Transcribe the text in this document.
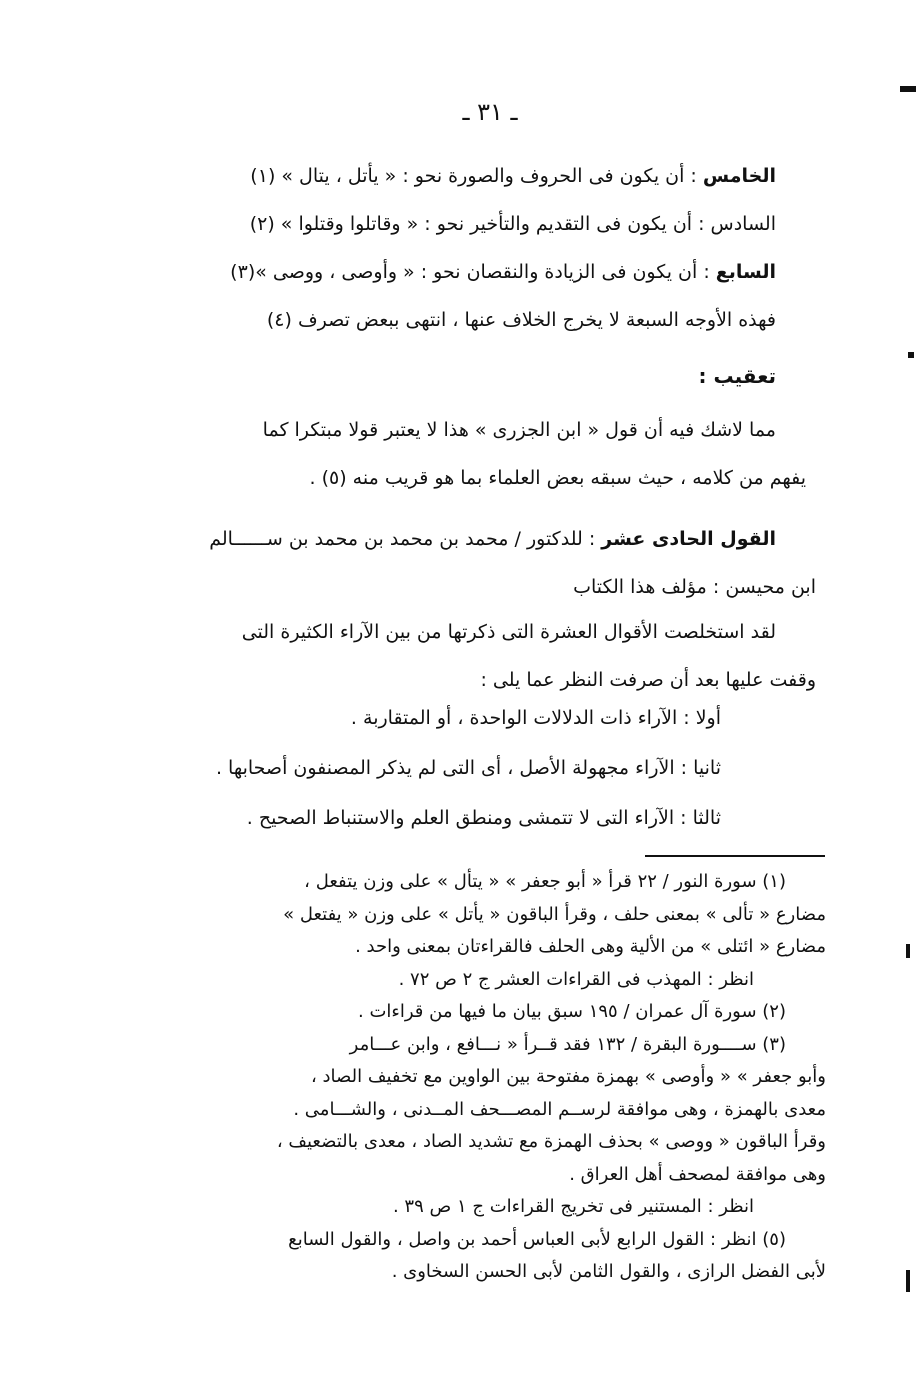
ـ ٣١ ـ
الخامس : أن يكون فى الحروف والصورة نحو : « يأتل ، يتال » (١)
السادس : أن يكون فى التقديم والتأخير نحو : « وقاتلوا وقتلوا » (٢)
السابع : أن يكون فى الزيادة والنقصان نحو : « وأوصى ، ووصى »(٣)
فهذه الأوجه السبعة لا يخرج الخلاف عنها ، انتهى ببعض تصرف (٤)
تعقيب :
مما لاشك فيه أن قول « ابن الجزرى » هذا لا يعتبر قولا مبتكرا كما
يفهم من كلامه ، حيث سبقه بعض العلماء بما هو قريب منه (٥) .
القول الحادى عشر : للدكتور / محمد بن محمد بن محمد بن ســــــالم
ابن محيسن : مؤلف هذا الكتاب
لقد استخلصت الأقوال العشرة التى ذكرتها من بين الآراء الكثيرة التى
وقفت عليها بعد أن صرفت النظر عما يلى :
أولا : الآراء ذات الدلالات الواحدة ، أو المتقاربة .
ثانيا : الآراء مجهولة الأصل ، أى التى لم يذكر المصنفون أصحابها .
ثالثا : الآراء التى لا تتمشى ومنطق العلم والاستنباط الصحيح .
(١) سورة النور / ٢٢ قرأ « أبو جعفر » « يتأل » على وزن يتفعل ،
مضارع « تألى » بمعنى حلف ، وقرأ الباقون « يأتل » على وزن « يفتعل »
مضارع « ائتلى » من الألية وهى الحلف فالقراءتان بمعنى واحد .
انظر : المهذب فى القراءات العشر ج ٢ ص ٧٢ .
(٢) سورة آل عمران / ١٩٥ سبق بيان ما فيها من قراءات .
(٣) ســــورة البقرة / ١٣٢ فقد قــرأ « نـــافع ، وابن عـــامر
وأبو جعفر » « وأوصى » بهمزة مفتوحة بين الواوين مع تخفيف الصاد ،
معدى بالهمزة ، وهى موافقة لرســم المصـــحف المــدنى ، والشـــامى .
وقرأ الباقون « ووصى » بحذف الهمزة مع تشديد الصاد ، معدى بالتضعيف ،
وهى موافقة لمصحف أهل العراق .
انظر : المستنير فى تخريج القراءات ج ١ ص ٣٩ .
(٥) انظر : القول الرابع لأبى العباس أحمد بن واصل ، والقول السابع
لأبى الفضل الرازى ، والقول الثامن لأبى الحسن السخاوى .
